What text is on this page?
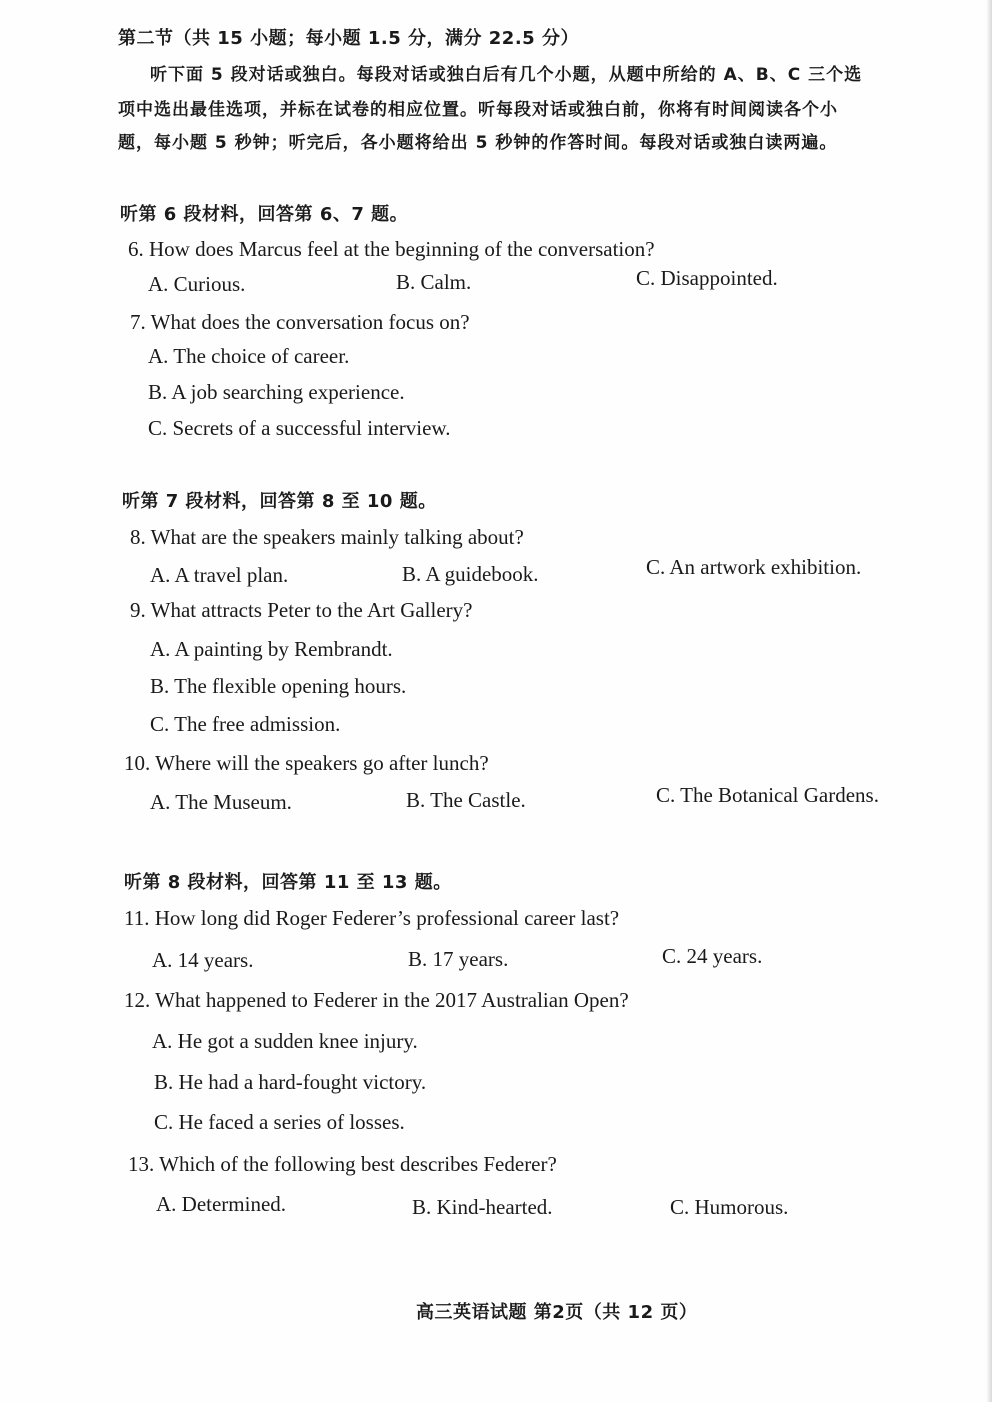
第二节（共 15 小题；每小题 1.5 分，满分 22.5 分）
听下面 5 段对话或独白。每段对话或独白后有几个小题，从题中所给的 A、B、C 三个选
项中选出最佳选项，并标在试卷的相应位置。听每段对话或独白前，你将有时间阅读各个小
题，每小题 5 秒钟；听完后，各小题将给出 5 秒钟的作答时间。每段对话或独白读两遍。
听第 6 段材料，回答第 6、7 题。
6. How does Marcus feel at the beginning of the conversation?
A. Curious.	B. Calm.	C. Disappointed.
7. What does the conversation focus on?
A. The choice of career.
B. A job searching experience.
C. Secrets of a successful interview.
听第 7 段材料，回答第 8 至 10 题。
8. What are the speakers mainly talking about?
A. A travel plan.	B. A guidebook.	C. An artwork exhibition.
9. What attracts Peter to the Art Gallery?
A. A painting by Rembrandt.
B. The flexible opening hours.
C. The free admission.
10. Where will the speakers go after lunch?
A. The Museum.	B. The Castle.	C. The Botanical Gardens.
听第 8 段材料，回答第 11 至 13 题。
11. How long did Roger Federer’s professional career last?
A. 14 years.	B. 17 years.	C. 24 years.
12. What happened to Federer in the 2017 Australian Open?
A. He got a sudden knee injury.
B. He had a hard-fought victory.
C. He faced a series of losses.
13. Which of the following best describes Federer?
A. Determined.	B. Kind-hearted.	C. Humorous.
高三英语试题 第2页（共 12 页）
